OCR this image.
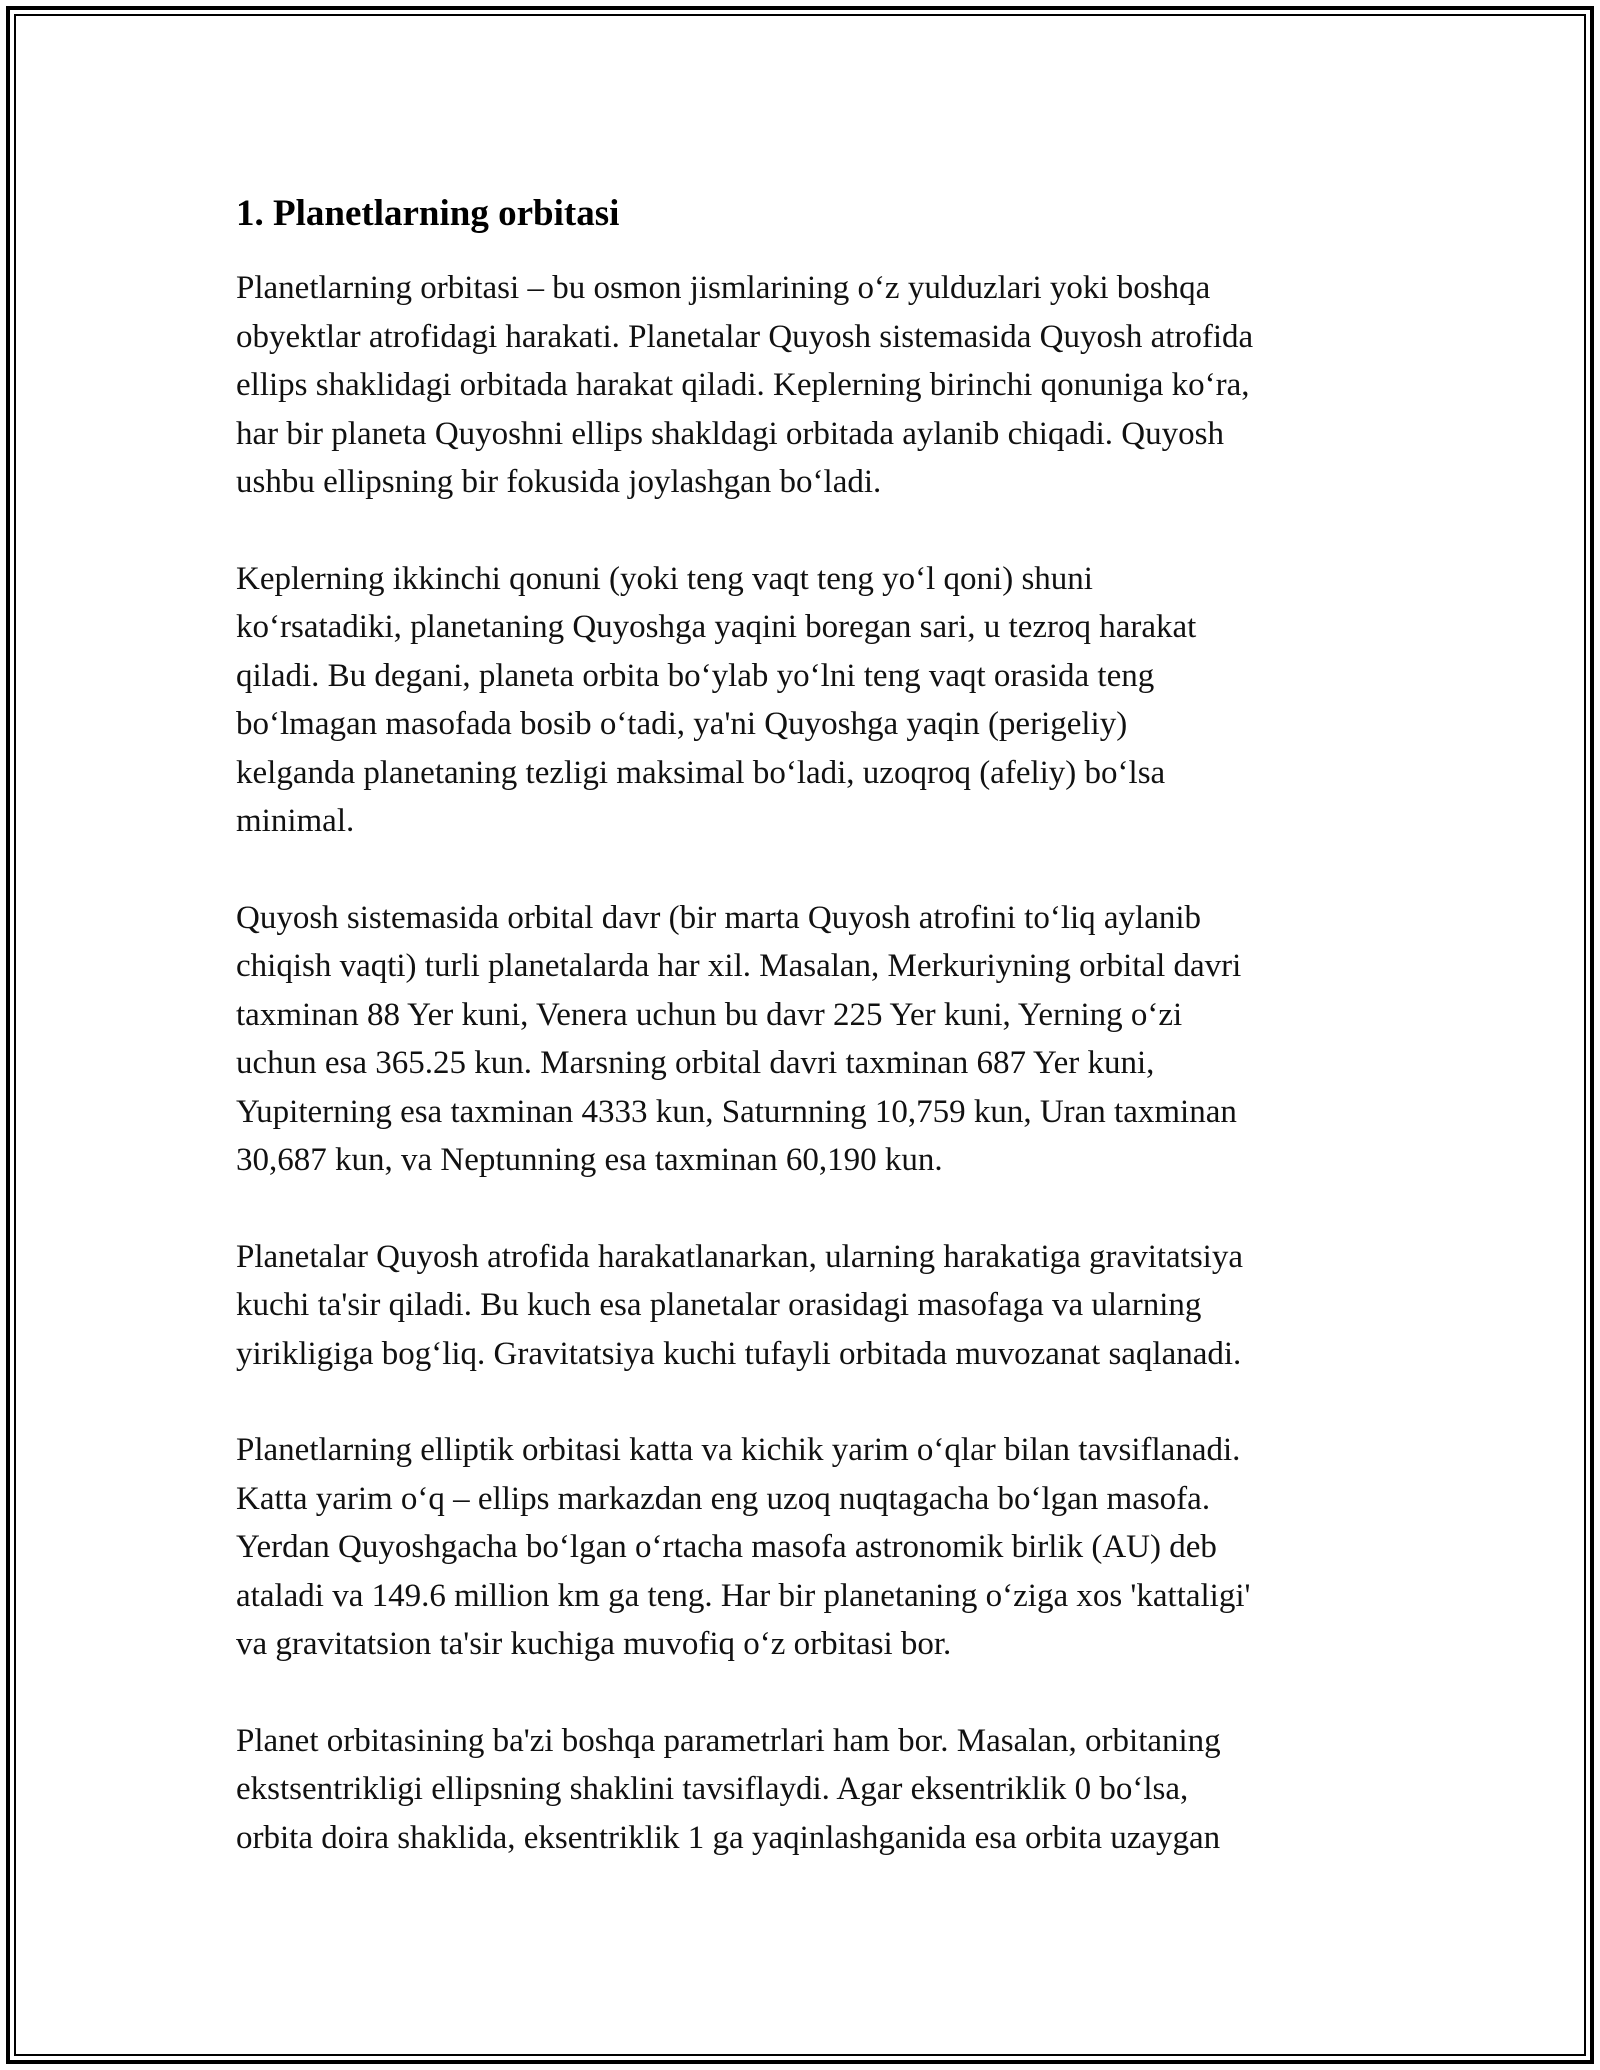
1. Planetlarning orbitasi

Planetlarning orbitasi – bu osmon jismlarining o‘z yulduzlari yoki boshqa
obyektlar atrofidagi harakati. Planetalar Quyosh sistemasida Quyosh atrofida
ellips shaklidagi orbitada harakat qiladi. Keplerning birinchi qonuniga ko‘ra,
har bir planeta Quyoshni ellips shakldagi orbitada aylanib chiqadi. Quyosh
ushbu ellipsning bir fokusida joylashgan bo‘ladi.

Keplerning ikkinchi qonuni (yoki teng vaqt teng yo‘l qoni) shuni
ko‘rsatadiki, planetaning Quyoshga yaqini boregan sari, u tezroq harakat
qiladi. Bu degani, planeta orbita bo‘ylab yo‘lni teng vaqt orasida teng
bo‘lmagan masofada bosib o‘tadi, ya'ni Quyoshga yaqin (perigeliy)
kelganda planetaning tezligi maksimal bo‘ladi, uzoqroq (afeliy) bo‘lsa
minimal.

Quyosh sistemasida orbital davr (bir marta Quyosh atrofini to‘liq aylanib
chiqish vaqti) turli planetalarda har xil. Masalan, Merkuriyning orbital davri
taxminan 88 Yer kuni, Venera uchun bu davr 225 Yer kuni, Yerning o‘zi
uchun esa 365.25 kun. Marsning orbital davri taxminan 687 Yer kuni,
Yupiterning esa taxminan 4333 kun, Saturnning 10,759 kun, Uran taxminan
30,687 kun, va Neptunning esa taxminan 60,190 kun.

Planetalar Quyosh atrofida harakatlanarkan, ularning harakatiga gravitatsiya
kuchi ta'sir qiladi. Bu kuch esa planetalar orasidagi masofaga va ularning
yirikligiga bog‘liq. Gravitatsiya kuchi tufayli orbitada muvozanat saqlanadi.

Planetlarning elliptik orbitasi katta va kichik yarim o‘qlar bilan tavsiflanadi.
Katta yarim o‘q – ellips markazdan eng uzoq nuqtagacha bo‘lgan masofa.
Yerdan Quyoshgacha bo‘lgan o‘rtacha masofa astronomik birlik (AU) deb
ataladi va 149.6 million km ga teng. Har bir planetaning o‘ziga xos 'kattaligi'
va gravitatsion ta'sir kuchiga muvofiq o‘z orbitasi bor.

Planet orbitasining ba'zi boshqa parametrlari ham bor. Masalan, orbitaning
ekstsentrikligi ellipsning shaklini tavsiflaydi. Agar eksentriklik 0 bo‘lsa,
orbita doira shaklida, eksentriklik 1 ga yaqinlashganida esa orbita uzaygan
